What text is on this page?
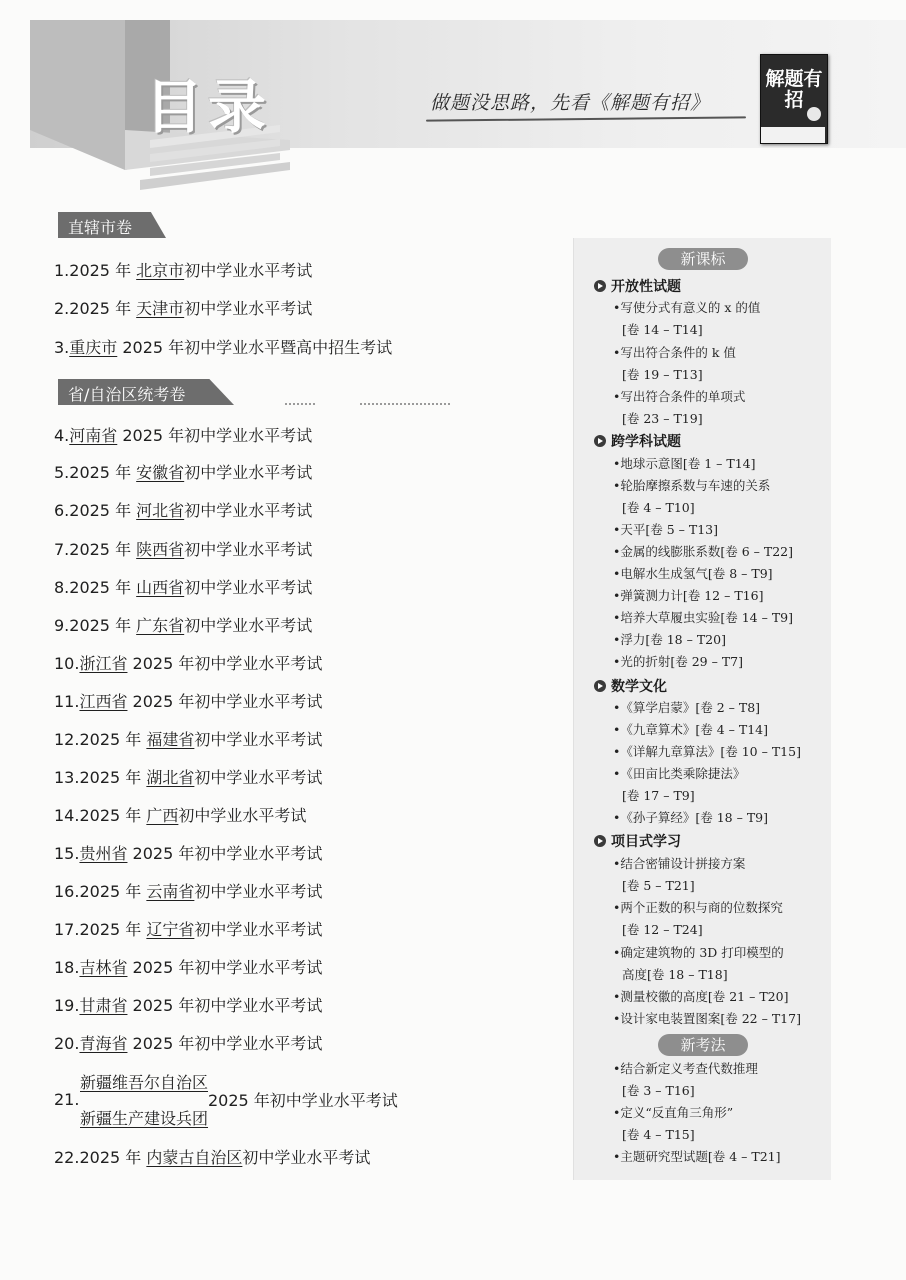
目 录	做题没思路，先看《解题有招》
解题有招
直辖市卷
省/自治区统考卷
1.2025 年 北京市初中学业水平考试
2.2025 年 天津市初中学业水平考试
3.重庆市 2025 年初中学业水平暨高中招生考试
4.河南省 2025 年初中学业水平考试
5.2025 年 安徽省初中学业水平考试
6.2025 年 河北省初中学业水平考试
7.2025 年 陕西省初中学业水平考试
8.2025 年 山西省初中学业水平考试
9.2025 年 广东省初中学业水平考试
10.浙江省 2025 年初中学业水平考试
11.江西省 2025 年初中学业水平考试
12.2025 年 福建省初中学业水平考试
13.2025 年 湖北省初中学业水平考试
14.2025 年 广西初中学业水平考试
15.贵州省 2025 年初中学业水平考试
16.2025 年 云南省初中学业水平考试
17.2025 年 辽宁省初中学业水平考试
18.吉林省 2025 年初中学业水平考试
19.甘肃省 2025 年初中学业水平考试
20.青海省 2025 年初中学业水平考试
新疆维吾尔自治区
21.	2025 年初中学业水平考试
新疆生产建设兵团
22.2025 年 内蒙古自治区初中学业水平考试
新课标
开放性试题
•写使分式有意义的 x 的值
[卷 14 – T14]
•写出符合条件的 k 值
[卷 19 – T13]
•写出符合条件的单项式
[卷 23 – T19]
跨学科试题
•地球示意图[卷 1 – T14]
•轮胎摩擦系数与车速的关系
[卷 4 – T10]
•天平[卷 5 – T13]
•金属的线膨胀系数[卷 6 – T22]
•电解水生成氢气[卷 8 – T9]
•弹簧测力计[卷 12 – T16]
•培养大草履虫实验[卷 14 – T9]
•浮力[卷 18 – T20]
•光的折射[卷 29 – T7]
数学文化
•《算学启蒙》[卷 2 – T8]
•《九章算术》[卷 4 – T14]
•《详解九章算法》[卷 10 – T15]
•《田亩比类乘除捷法》
[卷 17 – T9]
•《孙子算经》[卷 18 – T9]
项目式学习
•结合密铺设计拼接方案
[卷 5 – T21]
•两个正数的积与商的位数探究
[卷 12 – T24]
•确定建筑物的 3D 打印模型的
高度[卷 18 – T18]
•测量校徽的高度[卷 21 – T20]
•设计家电装置图案[卷 22 – T17]
新考法
•结合新定义考查代数推理
[卷 3 – T16]
•定义“反直角三角形”
[卷 4 – T15]
•主题研究型试题[卷 4 – T21]
